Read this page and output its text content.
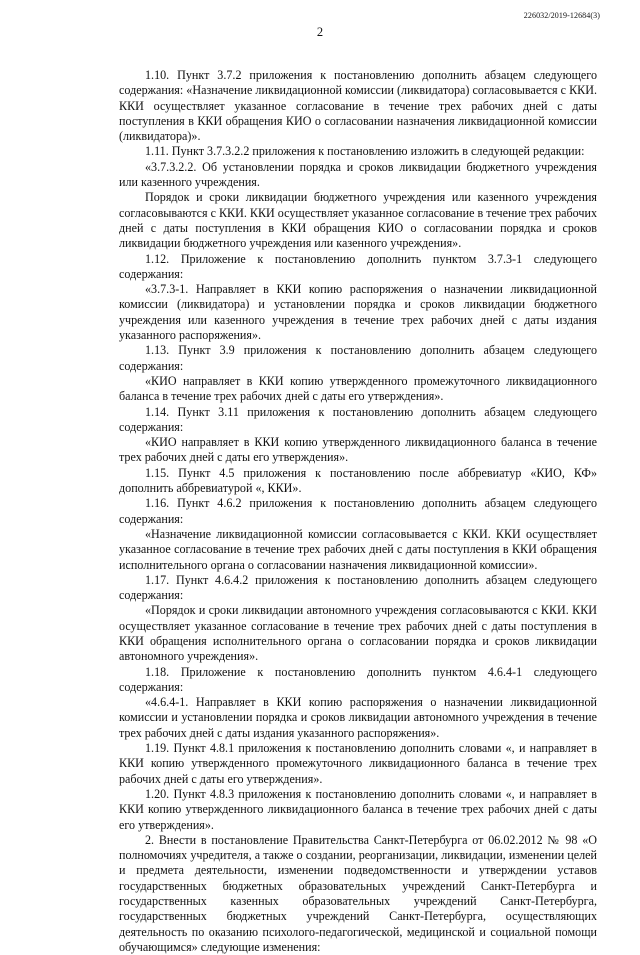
226032/2019-12684(3)
2

1.10. Пункт 3.7.2 приложения к постановлению дополнить абзацем следующего содержания: «Назначение ликвидационной комиссии (ликвидатора) согласовывается с ККИ. ККИ осуществляет указанное согласование в течение трех рабочих дней с даты поступления в ККИ обращения КИО о согласовании назначения ликвидационной комиссии (ликвидатора)».

1.11. Пункт 3.7.3.2.2 приложения к постановлению изложить в следующей редакции:

«3.7.3.2.2. Об установлении порядка и сроков ликвидации бюджетного учреждения или казенного учреждения.

Порядок и сроки ликвидации бюджетного учреждения или казенного учреждения согласовываются с ККИ. ККИ осуществляет указанное согласование в течение трех рабочих дней с даты поступления в ККИ обращения КИО о согласовании порядка и сроков ликвидации бюджетного учреждения или казенного учреждения».

1.12. Приложение к постановлению дополнить пунктом 3.7.3-1 следующего содержания:

«3.7.3-1. Направляет в ККИ копию распоряжения о назначении ликвидационной комиссии (ликвидатора) и установлении порядка и сроков ликвидации бюджетного учреждения или казенного учреждения в течение трех рабочих дней с даты издания указанного распоряжения».

1.13. Пункт 3.9 приложения к постановлению дополнить абзацем следующего содержания:

«КИО направляет в ККИ копию утвержденного промежуточного ликвидационного баланса в течение трех рабочих дней с даты его утверждения».

1.14. Пункт 3.11 приложения к постановлению дополнить абзацем следующего содержания:

«КИО направляет в ККИ копию утвержденного ликвидационного баланса в течение трех рабочих дней с даты его утверждения».

1.15. Пункт 4.5 приложения к постановлению после аббревиатур «КИО, КФ» дополнить аббревиатурой «, ККИ».

1.16. Пункт 4.6.2 приложения к постановлению дополнить абзацем следующего содержания:

«Назначение ликвидационной комиссии согласовывается с ККИ. ККИ осуществляет указанное согласование в течение трех рабочих дней с даты поступления в ККИ обращения исполнительного органа о согласовании назначения ликвидационной комиссии».

1.17. Пункт 4.6.4.2 приложения к постановлению дополнить абзацем следующего содержания:

«Порядок и сроки ликвидации автономного учреждения согласовываются с ККИ. ККИ осуществляет указанное согласование в течение трех рабочих дней с даты поступления в ККИ обращения исполнительного органа о согласовании порядка и сроков ликвидации автономного учреждения».

1.18. Приложение к постановлению дополнить пунктом 4.6.4-1 следующего содержания:

«4.6.4-1. Направляет в ККИ копию распоряжения о назначении ликвидационной комиссии и установлении порядка и сроков ликвидации автономного учреждения в течение трех рабочих дней с даты издания указанного распоряжения».

1.19. Пункт 4.8.1 приложения к постановлению дополнить словами «, и направляет в ККИ копию утвержденного промежуточного ликвидационного баланса в течение трех рабочих дней с даты его утверждения».

1.20. Пункт 4.8.3 приложения к постановлению дополнить словами «, и направляет в ККИ копию утвержденного ликвидационного баланса в течение трех рабочих дней с даты его утверждения».

2. Внести в постановление Правительства Санкт-Петербурга от 06.02.2012 № 98 «О полномочиях учредителя, а также о создании, реорганизации, ликвидации, изменении целей и предмета деятельности, изменении подведомственности и утверждении уставов государственных бюджетных образовательных учреждений Санкт-Петербурга и государственных казенных образовательных учреждений Санкт-Петербурга, государственных бюджетных учреждений Санкт-Петербурга, осуществляющих деятельность по оказанию психолого-педагогической, медицинской и социальной помощи обучающимся» следующие изменения:
